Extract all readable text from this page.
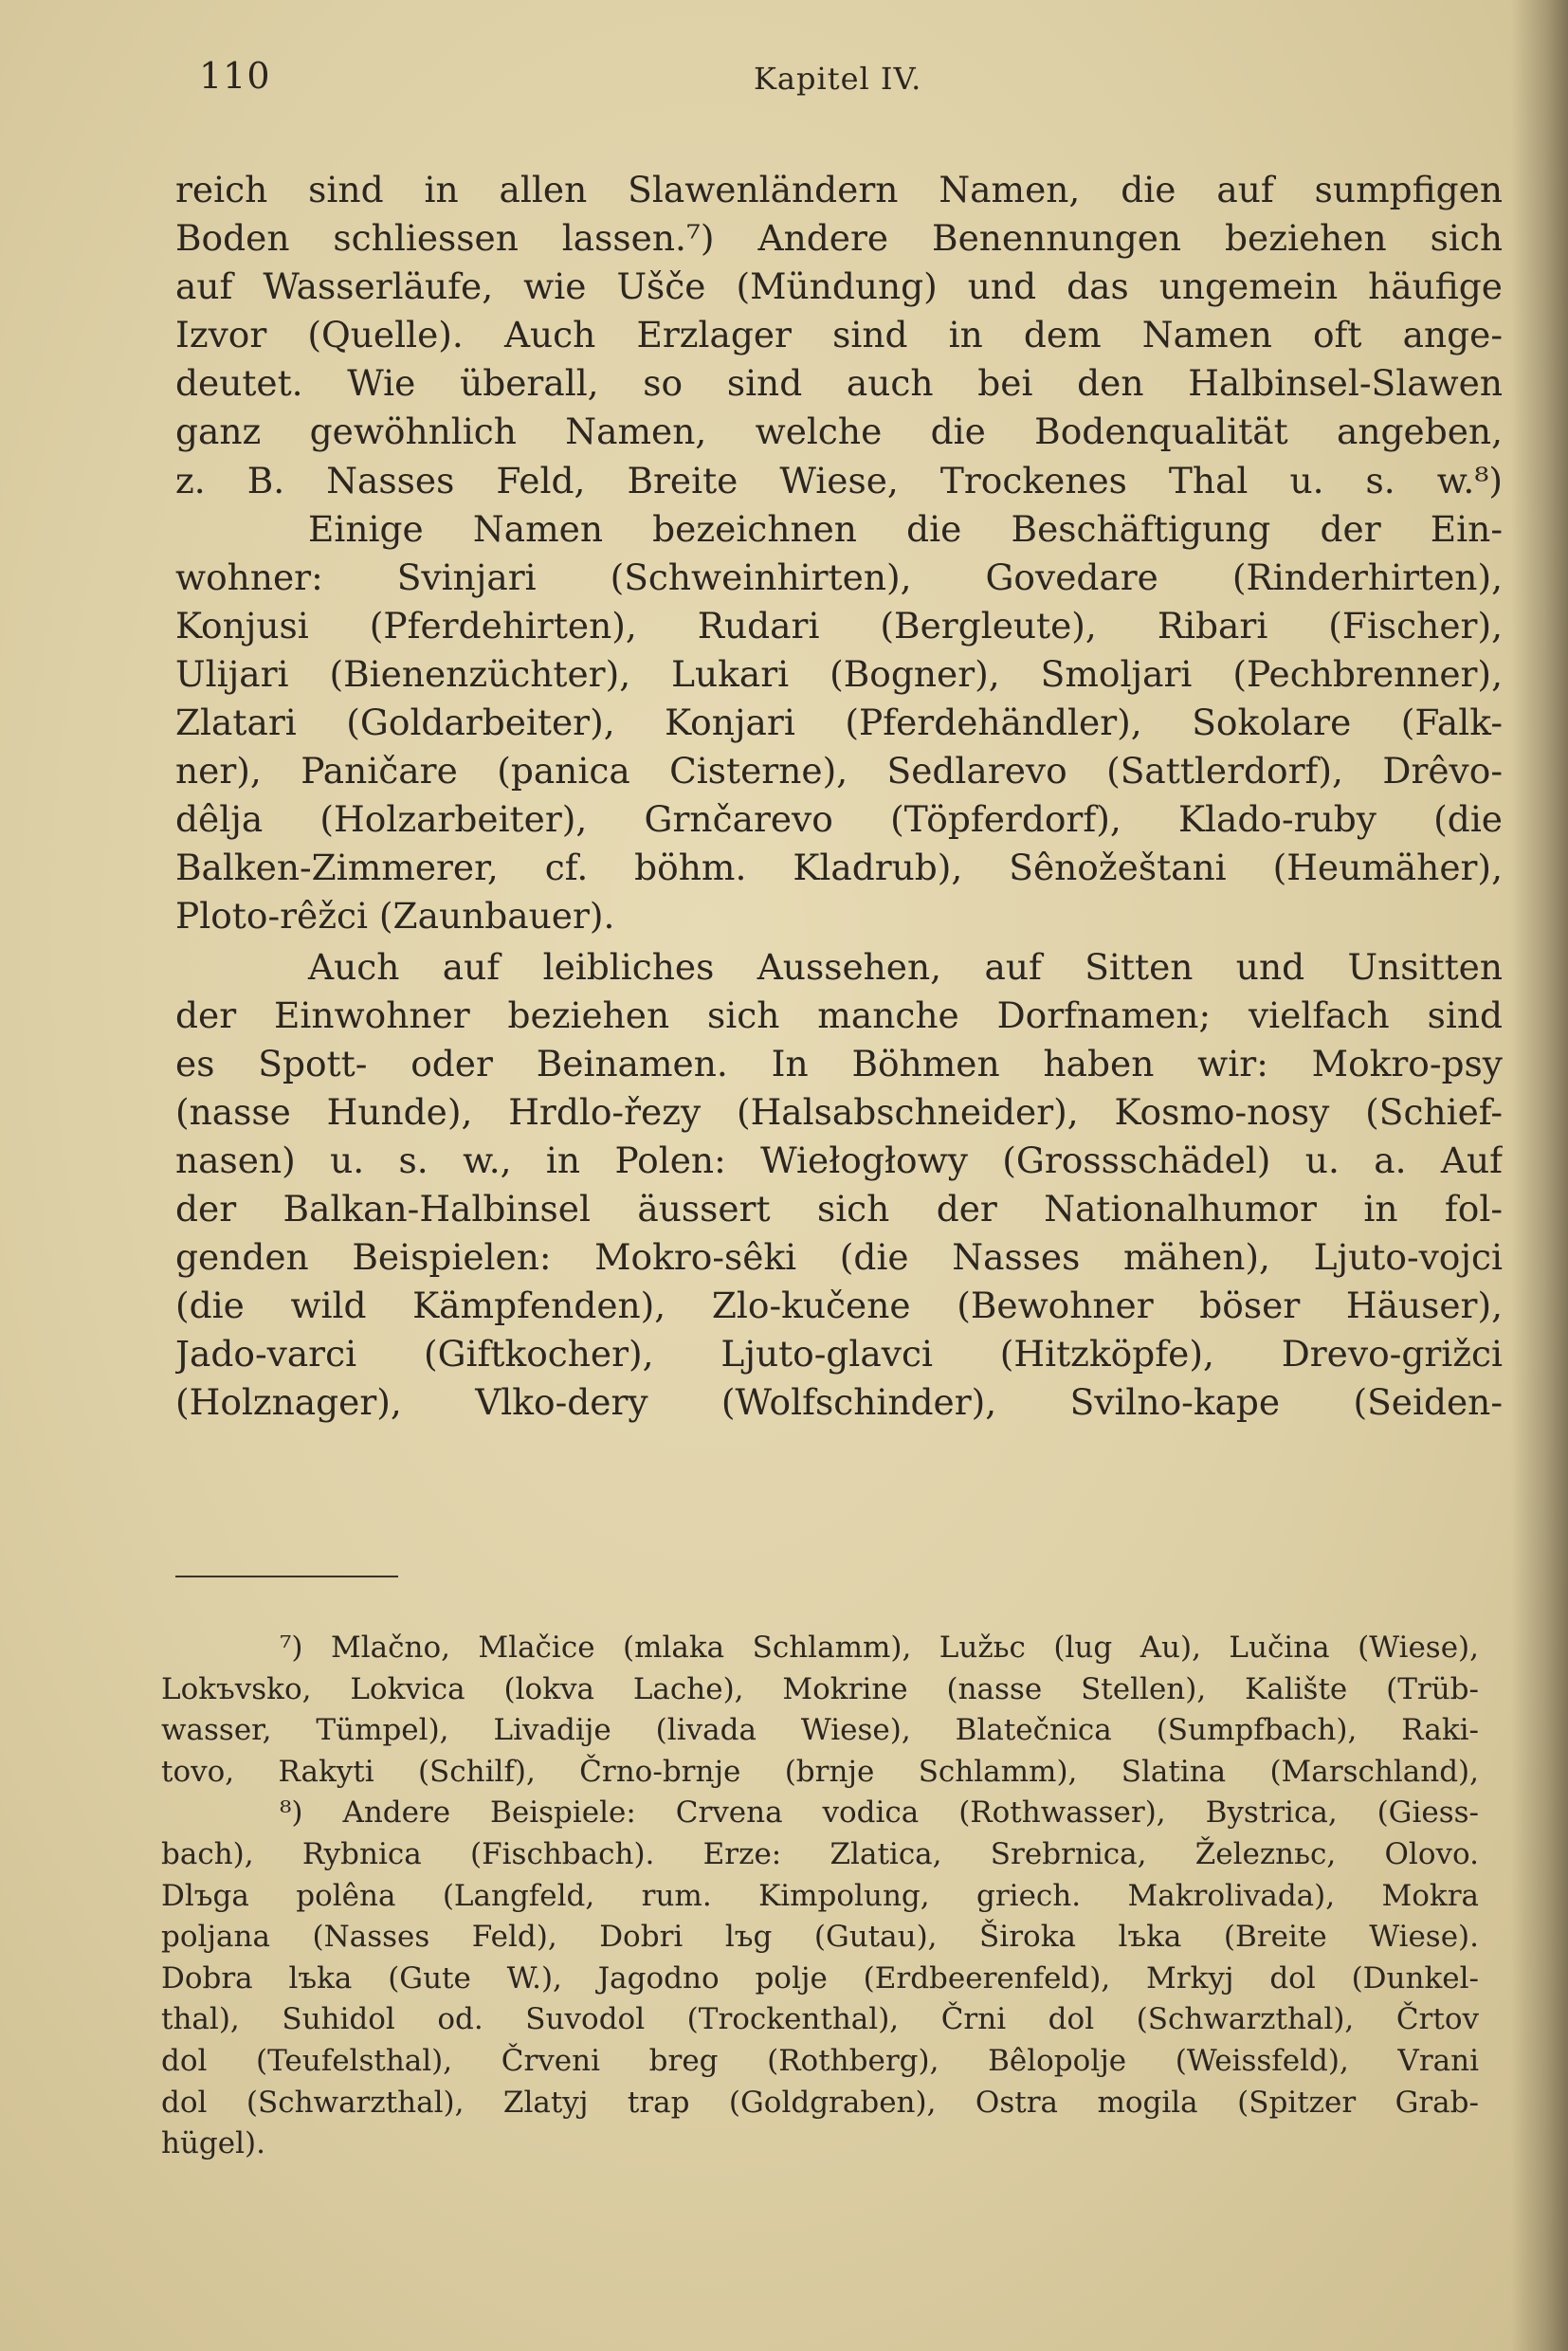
110	Kapitel IV.
reich sind in allen Slawenländern Namen, die auf sumpfigen
Boden schliessen lassen.⁷) Andere Benennungen beziehen sich
auf Wasserläufe, wie Ušče (Mündung) und das ungemein häufige
Izvor (Quelle). Auch Erzlager sind in dem Namen oft ange-
deutet. Wie überall, so sind auch bei den Halbinsel-Slawen
ganz gewöhnlich Namen, welche die Bodenqualität angeben,
z. B. Nasses Feld, Breite Wiese, Trockenes Thal u. s. w.⁸)
Einige Namen bezeichnen die Beschäftigung der Ein-
wohner: Svinjari (Schweinhirten), Govedare (Rinderhirten),
Konjusi (Pferdehirten), Rudari (Bergleute), Ribari (Fischer),
Ulijari (Bienenzüchter), Lukari (Bogner), Smoljari (Pechbrenner),
Zlatari (Goldarbeiter), Konjari (Pferdehändler), Sokolare (Falk-
ner), Paničare (panica Cisterne), Sedlarevo (Sattlerdorf), Drêvo-
dêlja (Holzarbeiter), Grnčarevo (Töpferdorf), Klado-ruby (die
Balken-Zimmerer, cf. böhm. Kladrub), Sênožeštani (Heumäher),
Ploto-rêžci (Zaunbauer).
Auch auf leibliches Aussehen, auf Sitten und Unsitten
der Einwohner beziehen sich manche Dorfnamen; vielfach sind
es Spott- oder Beinamen. In Böhmen haben wir: Mokro-psy
(nasse Hunde), Hrdlo-řezy (Halsabschneider), Kosmo-nosy (Schief-
nasen) u. s. w., in Polen: Wiełogłowy (Grossschädel) u. a. Auf
der Balkan-Halbinsel äussert sich der Nationalhumor in fol-
genden Beispielen: Mokro-sêki (die Nasses mähen), Ljuto-vojci
(die wild Kämpfenden), Zlo-kučene (Bewohner böser Häuser),
Jado-varci (Giftkocher), Ljuto-glavci (Hitzköpfe), Drevo-grižci
(Holznager), Vlko-dery (Wolfschinder), Svilno-kape (Seiden-
⁷) Mlačno, Mlačice (mlaka Schlamm), Lužьc (lug Au), Lučina (Wiese),
Lokъvsko, Lokvica (lokva Lache), Mokrine (nasse Stellen), Kalište (Trüb-
wasser, Tümpel), Livadije (livada Wiese), Blatečnica (Sumpfbach), Raki-
tovo, Rakyti (Schilf), Črno-brnje (brnje Schlamm), Slatina (Marschland),
⁸) Andere Beispiele: Crvena vodica (Rothwasser), Bystrica, (Giess-
bach), Rybnica (Fischbach). Erze: Zlatica, Srebrnica, Železnьc, Olovo.
Dlъga polêna (Langfeld, rum. Kimpolung, griech. Makrolivada), Mokra
poljana (Nasses Feld), Dobri lъg (Gutau), Široka lъka (Breite Wiese).
Dobra lъka (Gute W.), Jagodno polje (Erdbeerenfeld), Mrkyj dol (Dunkel-
thal), Suhidol od. Suvodol (Trockenthal), Črni dol (Schwarzthal), Črtov
dol (Teufelsthal), Črveni breg (Rothberg), Bêlopolje (Weissfeld), Vrani
dol (Schwarzthal), Zlatyj trap (Goldgraben), Ostra mogila (Spitzer Grab-
hügel).
